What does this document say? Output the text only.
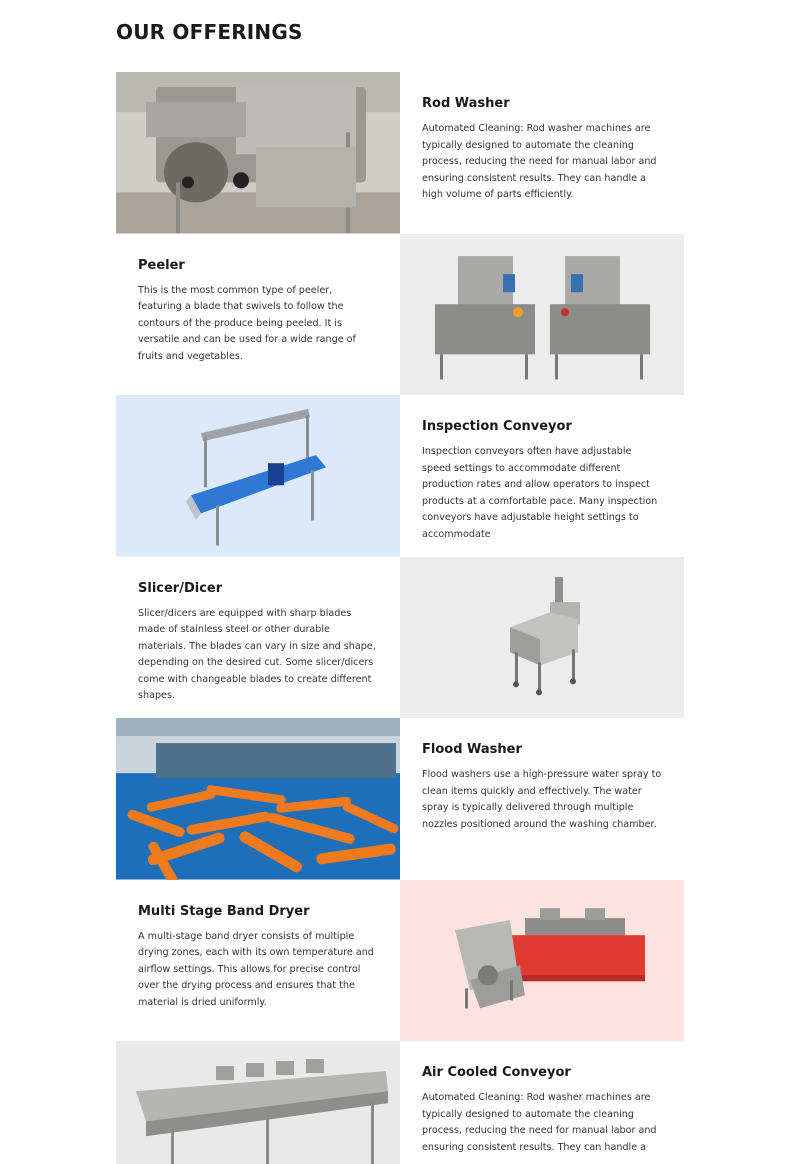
OUR OFFERINGS
Rod Washer
Automated Cleaning: Rod washer machines are typically designed to automate the cleaning process, reducing the need for manual labor and ensuring consistent results. They can handle a high volume of parts efficiently.
Peeler
This is the most common type of peeler, featuring a blade that swivels to follow the contours of the produce being peeled. It is versatile and can be used for a wide range of fruits and vegetables.
Inspection Conveyor
Inspection conveyors often have adjustable speed settings to accommodate different production rates and allow operators to inspect products at a comfortable pace. Many inspection conveyors have adjustable height settings to accommodate
Slicer/Dicer
Slicer/dicers are equipped with sharp blades made of stainless steel or other durable materials. The blades can vary in size and shape, depending on the desired cut. Some slicer/dicers come with changeable blades to create different shapes.
Flood Washer
Flood washers use a high-pressure water spray to clean items quickly and effectively. The water spray is typically delivered through multiple nozzles positioned around the washing chamber.
Multi Stage Band Dryer
A multi-stage band dryer consists of multiple drying zones, each with its own temperature and airflow settings. This allows for precise control over the drying process and ensures that the material is dried uniformly.
Air Cooled Conveyor
Automated Cleaning: Rod washer machines are typically designed to automate the cleaning process, reducing the need for manual labor and ensuring consistent results. They can handle a
